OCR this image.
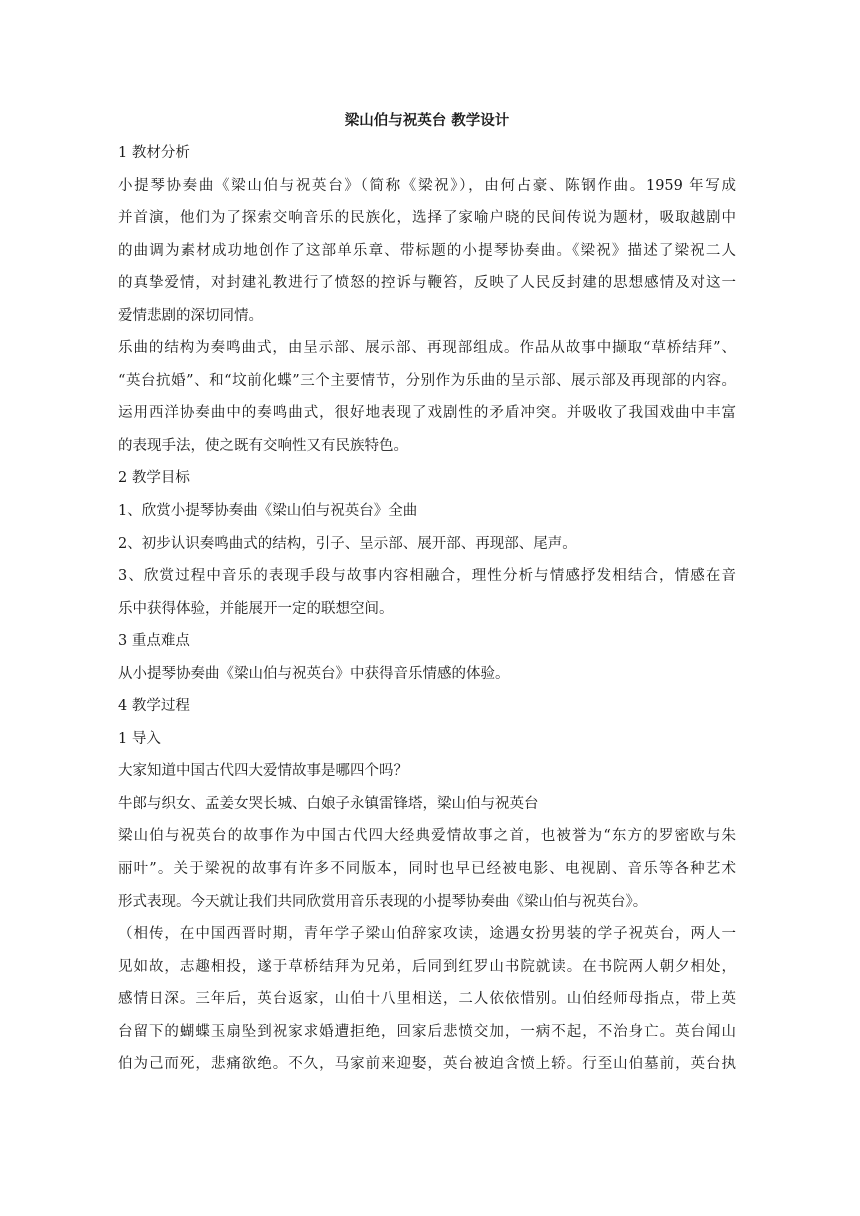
梁山伯与祝英台 教学设计
1 教材分析
小提琴协奏曲《梁山伯与祝英台》（简称《梁祝》），由何占豪、陈钢作曲。1959 年写成
并首演，他们为了探索交响音乐的民族化，选择了家喻户晓的民间传说为题材，吸取越剧中
的曲调为素材成功地创作了这部单乐章、带标题的小提琴协奏曲。《梁祝》描述了梁祝二人
的真挚爱情，对封建礼教进行了愤怒的控诉与鞭笞，反映了人民反封建的思想感情及对这一
爱情悲剧的深切同情。
乐曲的结构为奏鸣曲式，由呈示部、展示部、再现部组成。作品从故事中撷取“草桥结拜”、
“英台抗婚”、和“坟前化蝶”三个主要情节，分别作为乐曲的呈示部、展示部及再现部的内容。
运用西洋协奏曲中的奏鸣曲式，很好地表现了戏剧性的矛盾冲突。并吸收了我国戏曲中丰富
的表现手法，使之既有交响性又有民族特色。
2 教学目标
1、欣赏小提琴协奏曲《梁山伯与祝英台》全曲
2、初步认识奏鸣曲式的结构，引子、呈示部、展开部、再现部、尾声。
3、欣赏过程中音乐的表现手段与故事内容相融合，理性分析与情感抒发相结合，情感在音
乐中获得体验，并能展开一定的联想空间。
3 重点难点
从小提琴协奏曲《梁山伯与祝英台》中获得音乐情感的体验。
4 教学过程
1 导入
大家知道中国古代四大爱情故事是哪四个吗？
牛郎与织女、孟姜女哭长城、白娘子永镇雷锋塔，梁山伯与祝英台
梁山伯与祝英台的故事作为中国古代四大经典爱情故事之首，也被誉为“东方的罗密欧与朱
丽叶”。关于梁祝的故事有许多不同版本，同时也早已经被电影、电视剧、音乐等各种艺术
形式表现。今天就让我们共同欣赏用音乐表现的小提琴协奏曲《梁山伯与祝英台》。
（相传，在中国西晋时期，青年学子梁山伯辞家攻读，途遇女扮男装的学子祝英台，两人一
见如故，志趣相投，遂于草桥结拜为兄弟，后同到红罗山书院就读。在书院两人朝夕相处，
感情日深。三年后，英台返家，山伯十八里相送，二人依依惜别。山伯经师母指点，带上英
台留下的蝴蝶玉扇坠到祝家求婚遭拒绝，回家后悲愤交加，一病不起，不治身亡。英台闻山
伯为己而死，悲痛欲绝。不久，马家前来迎娶，英台被迫含愤上轿。行至山伯墓前，英台执
